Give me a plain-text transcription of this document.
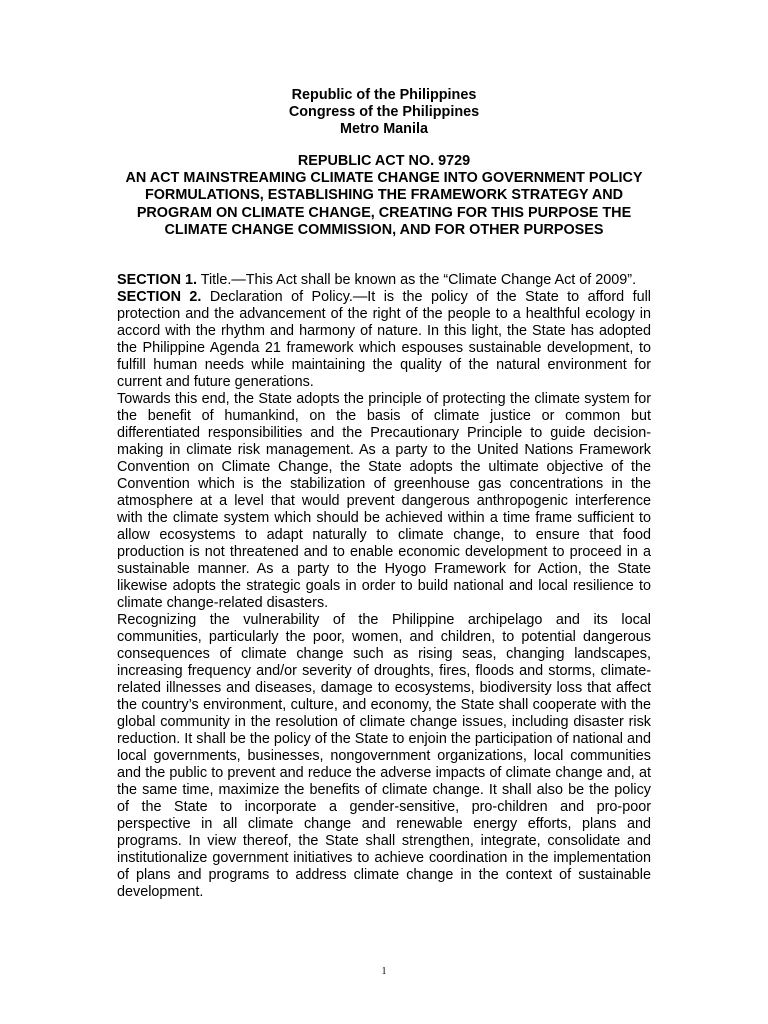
Republic of the Philippines
Congress of the Philippines
Metro Manila
REPUBLIC ACT NO. 9729
AN ACT MAINSTREAMING CLIMATE CHANGE INTO GOVERNMENT POLICY FORMULATIONS, ESTABLISHING THE FRAMEWORK STRATEGY AND PROGRAM ON CLIMATE CHANGE, CREATING FOR THIS PURPOSE THE CLIMATE CHANGE COMMISSION, AND FOR OTHER PURPOSES

SECTION 1. Title.—This Act shall be known as the “Climate Change Act of 2009”.

SECTION 2. Declaration of Policy.—It is the policy of the State to afford full protection and the advancement of the right of the people to a healthful ecology in accord with the rhythm and harmony of nature. In this light, the State has adopted the Philippine Agenda 21 framework which espouses sustainable development, to fulfill human needs while maintaining the quality of the natural environment for current and future generations.

Towards this end, the State adopts the principle of protecting the climate system for the benefit of humankind, on the basis of climate justice or common but differentiated responsibilities and the Precautionary Principle to guide decision-making in climate risk management. As a party to the United Nations Framework Convention on Climate Change, the State adopts the ultimate objective of the Convention which is the stabilization of greenhouse gas concentrations in the atmosphere at a level that would prevent dangerous anthropogenic interference with the climate system which should be achieved within a time frame sufficient to allow ecosystems to adapt naturally to climate change, to ensure that food production is not threatened and to enable economic development to proceed in a sustainable manner. As a party to the Hyogo Framework for Action, the State likewise adopts the strategic goals in order to build national and local resilience to climate change-related disasters.

Recognizing the vulnerability of the Philippine archipelago and its local communities, particularly the poor, women, and children, to potential dangerous consequences of climate change such as rising seas, changing landscapes, increasing frequency and/or severity of droughts, fires, floods and storms, climate-related illnesses and diseases, damage to ecosystems, biodiversity loss that affect the country’s environment, culture, and economy, the State shall cooperate with the global community in the resolution of climate change issues, including disaster risk reduction. It shall be the policy of the State to enjoin the participation of national and local governments, businesses, nongovernment organizations, local communities and the public to prevent and reduce the adverse impacts of climate change and, at the same time, maximize the benefits of climate change. It shall also be the policy of the State to incorporate a gender-sensitive, pro-children and pro-poor perspective in all climate change and renewable energy efforts, plans and programs. In view thereof, the State shall strengthen, integrate, consolidate and institutionalize government initiatives to achieve coordination in the implementation of plans and programs to address climate change in the context of sustainable development.

1
